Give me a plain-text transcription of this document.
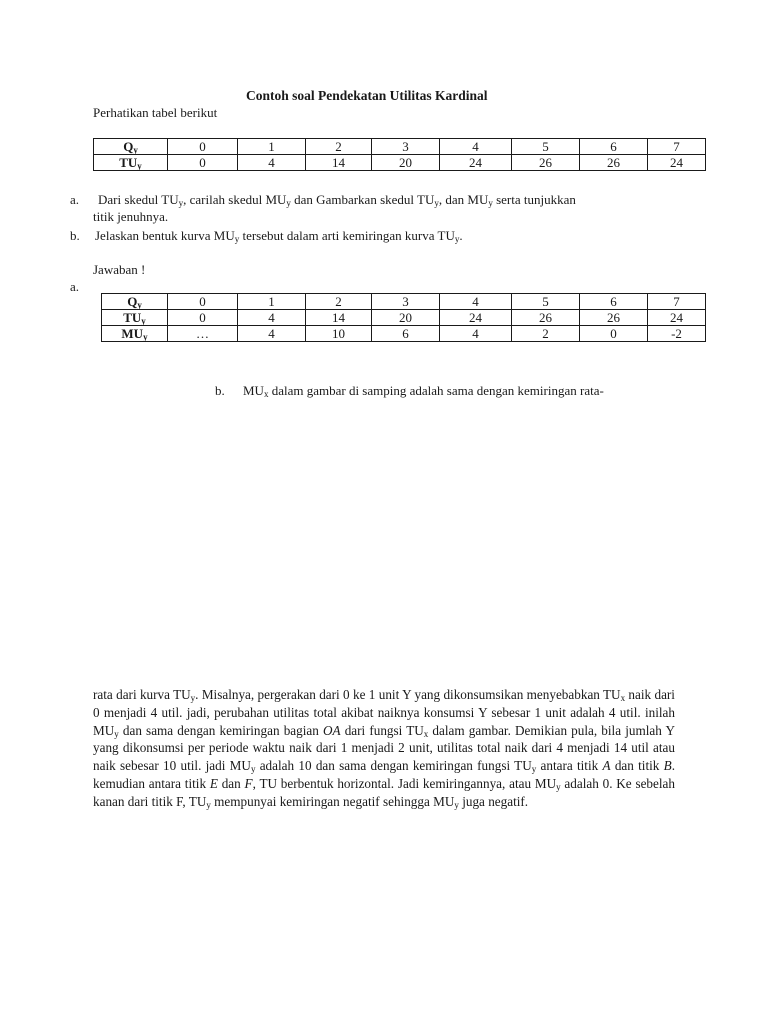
Contoh soal Pendekatan Utilitas Kardinal
Perhatikan tabel berikut
$Q_y$	0	1	2	3	4	5	6	7
$TU_y$	0	4	14	20	24	26	26	24
a. Dari skedul $TU_y$, carilah skedul $MU_y$ dan Gambarkan skedul $TU_y$, dan $MU_y$ serta tunjukkan
titik jenuhnya.
b. Jelaskan bentuk kurva $MU_y$ tersebut dalam arti kemiringan kurva $TU_y$.
Jawaban !
a.
$Q_y$	0	1	2	3	4	5	6	7
$TU_y$	0	4	14	20	24	26	26	24
$MU_y$	…	4	10	6	4	2	0	-2
b. $MU_x$ dalam gambar di samping adalah sama dengan kemiringan rata-
rata dari kurva $TU_y$. Misalnya, pergerakan dari 0 ke 1 unit Y yang dikonsumsikan menyebabkan $TU_x$ naik dari 0 menjadi 4 util. jadi, perubahan utilitas total akibat naiknya konsumsi Y sebesar 1 unit adalah 4 util. inilah $MU_y$ dan sama dengan kemiringan bagian OA dari fungsi $TU_x$ dalam gambar. Demikian pula, bila jumlah Y yang dikonsumsi per periode waktu naik dari 1 menjadi 2 unit, utilitas total naik dari 4 menjadi 14 util atau naik sebesar 10 util. jadi $MU_y$ adalah 10 dan sama dengan kemiringan fungsi $TU_y$ antara titik A dan titik B. kemudian antara titik E dan F, TU berbentuk horizontal. Jadi kemiringannya, atau $MU_y$ adalah 0. Ke sebelah kanan dari titik F, $TU_y$ mempunyai kemiringan negatif sehingga $MU_y$ juga negatif.
